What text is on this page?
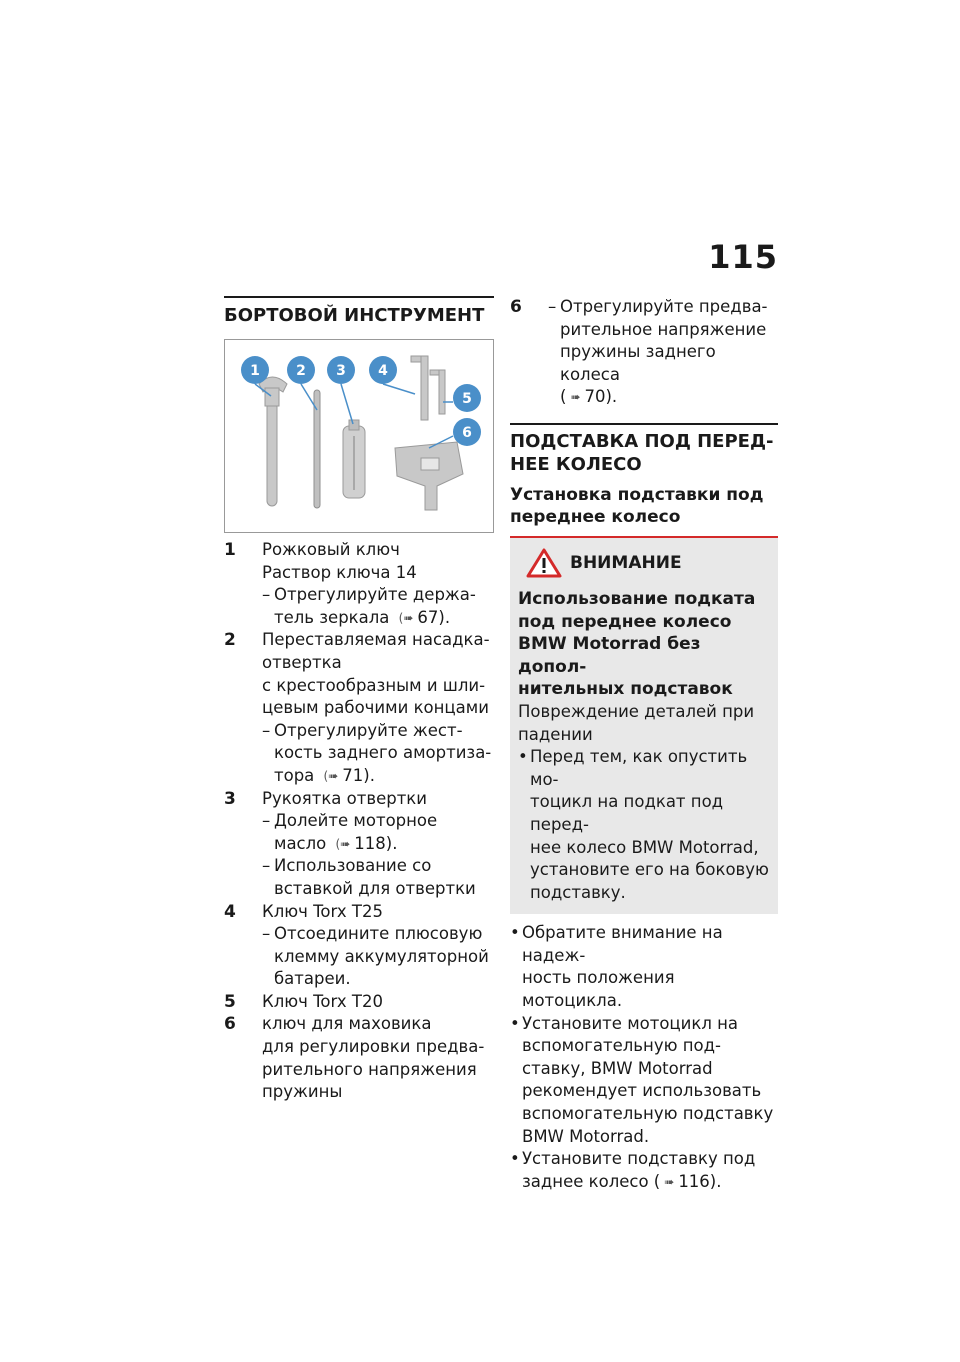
115
БОРТОВОЙ ИНСТРУМЕНТ
1	2 3 4
5
6
1	Рожковый ключ
Раствор ключа 14
– Отрегулируйте держа-
тель зеркала (➠ 67).
2	Переставляемая насадка-
отвертка
с крестообразным и шли-
цевым рабочими концами
– Отрегулируйте жест-
кость заднего амортиза-
тора (➠ 71).
3	Рукоятка отвертки
– Долейте моторное
масло (➠ 118).
– Использование со
вставкой для отвертки
4	Ключ Torx T25
– Отсоедините плюсовую
клемму аккумуляторной
батареи.
5	Ключ Torx T20
6	ключ для маховика
для регулировки предва-
рительного напряжения
пружины
6	– Отрегулируйте предва-
рительное напряжение
пружины заднего колеса
( ➠ 70).
ПОДСТАВКА ПОД ПЕРЕД-
НЕЕ КОЛЕСО
Установка подставки под
переднее колесо
ВНИМАНИЕ
Использование подката
под переднее колесо
BMW Motorrad без допол-
нительных подставок
Повреждение деталей при
падении
• Перед тем, как опустить мо-
тоцикл на подкат под перед-
нее колесо BMW Motorrad,
установите его на боковую
подставку.
• Обратите внимание на надеж-
ность положения мотоцикла.
• Установите мотоцикл на
вспомогательную под-
ставку, BMW Motorrad
рекомендует использовать
вспомогательную подставку
BMW Motorrad.
• Установите подставку под
заднее колесо ( ➠ 116).
